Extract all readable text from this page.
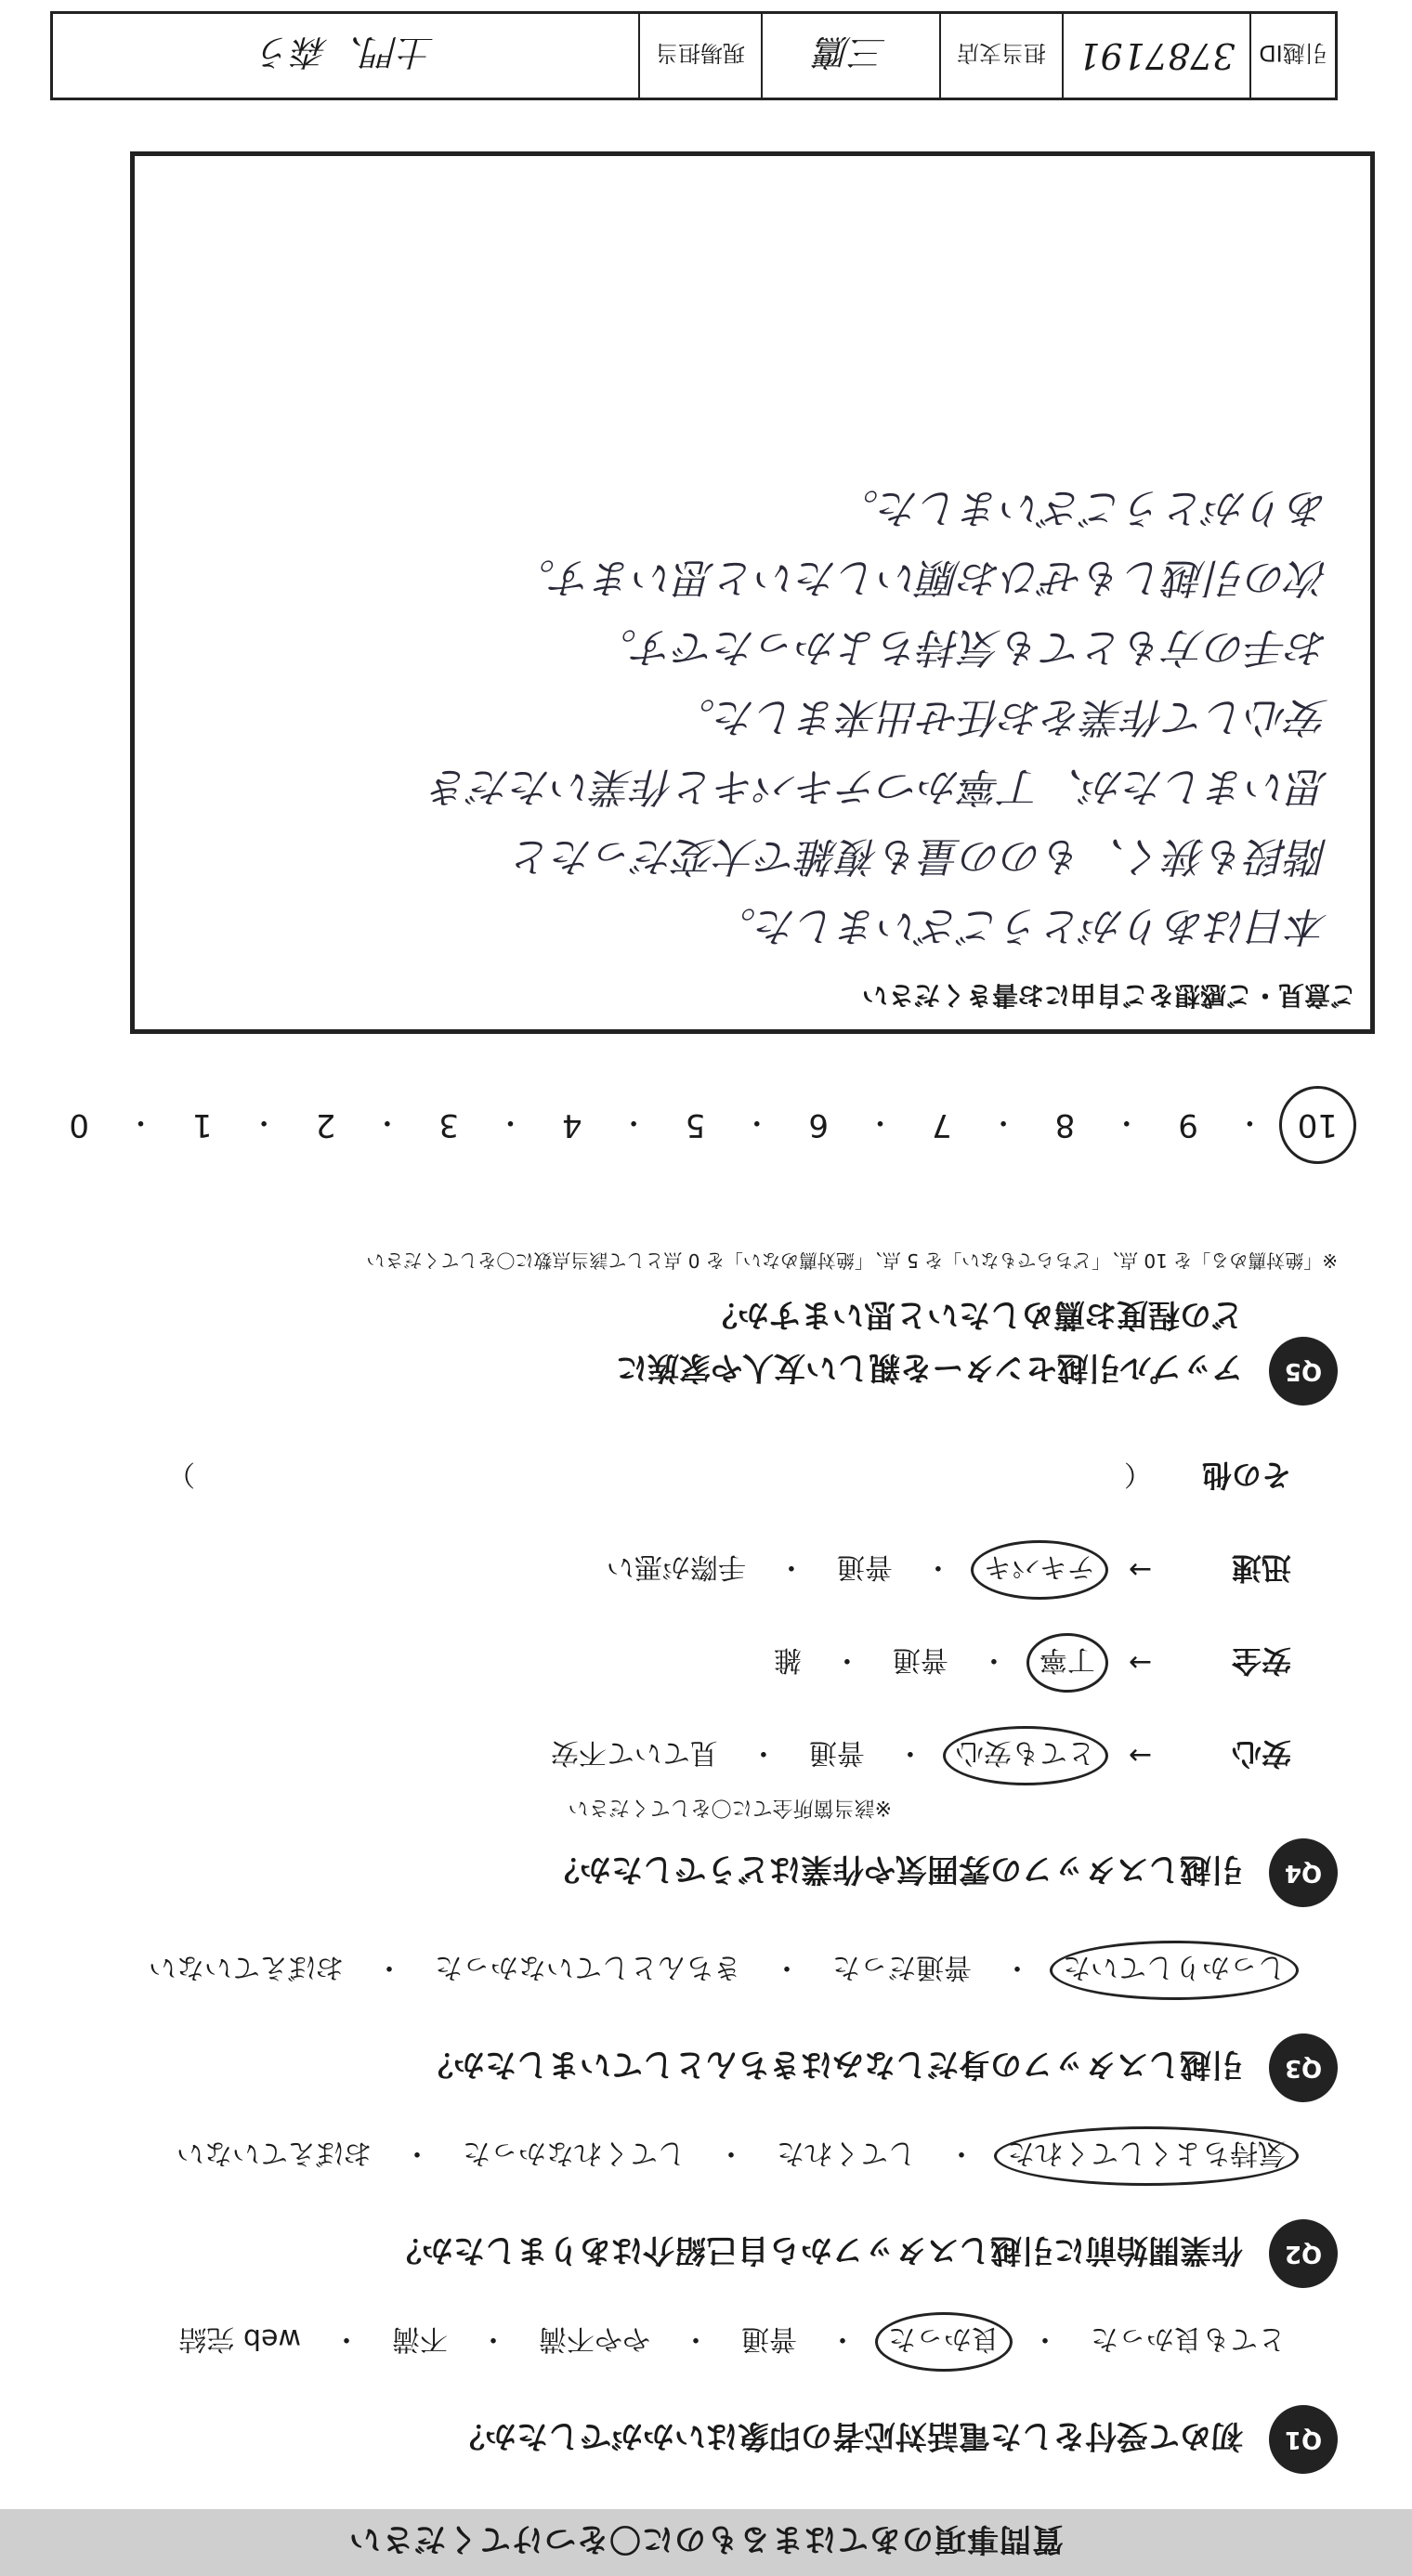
質問事項のあてはまるものに〇をつけてください
Q1
初めて受付をした電話対応者の印象はいかがでしたか？
とても良かった
・
良かった
・
普通
・
やや不満
・
不満
・
web 完結
Q2
作業開始前に引越しスタッフから自己紹介はありましたか？
気持ちよくしてくれた
・
してくれた
・
してくれなかった
・
おぼえていない
Q3
引越しスタッフの身だしなみはきちんとしていましたか？
しっかりしていた
・
普通だった
・
きちんとしていなかった
・
おぼえていない
Q4
引越しスタッフの雰囲気や作業はどうでしたか？
※該当箇所全てに〇をしてください
安心
→
とても安心
・
普通
・
見ていて不安
安全
→
丁寧
・
普通
・
雑
迅速
→
テキパキ
・
普通
・
手際が悪い
その他
（
）
Q5
アップル引越センターを親しい友人や家族に
どの程度お薦めしたいと思いますか？
※「絶対薦める」を 10 点、「どちらでもない」を 5 点、「絶対薦めない」を 0 点として該当点数に〇をしてください
10
・
9
・
8
・
7
・
6
・
5
・
4
・
3
・
2
・
1
・
0
ご意見・ご感想をご自由にお書きください
本日はありがとうございました。
階段も狭く、ものの量も複雑で大変だったと
思いましたが、丁寧かつテキパキと作業いただき
安心して作業をお任せ出来ました。
お手の方もとても気持ちよかったです。
次の引越しもぜひお願いしたいと思います。
ありがとうございました。
引越ID
3787191
担当支店
三鷹
現場担当
土門、森う
